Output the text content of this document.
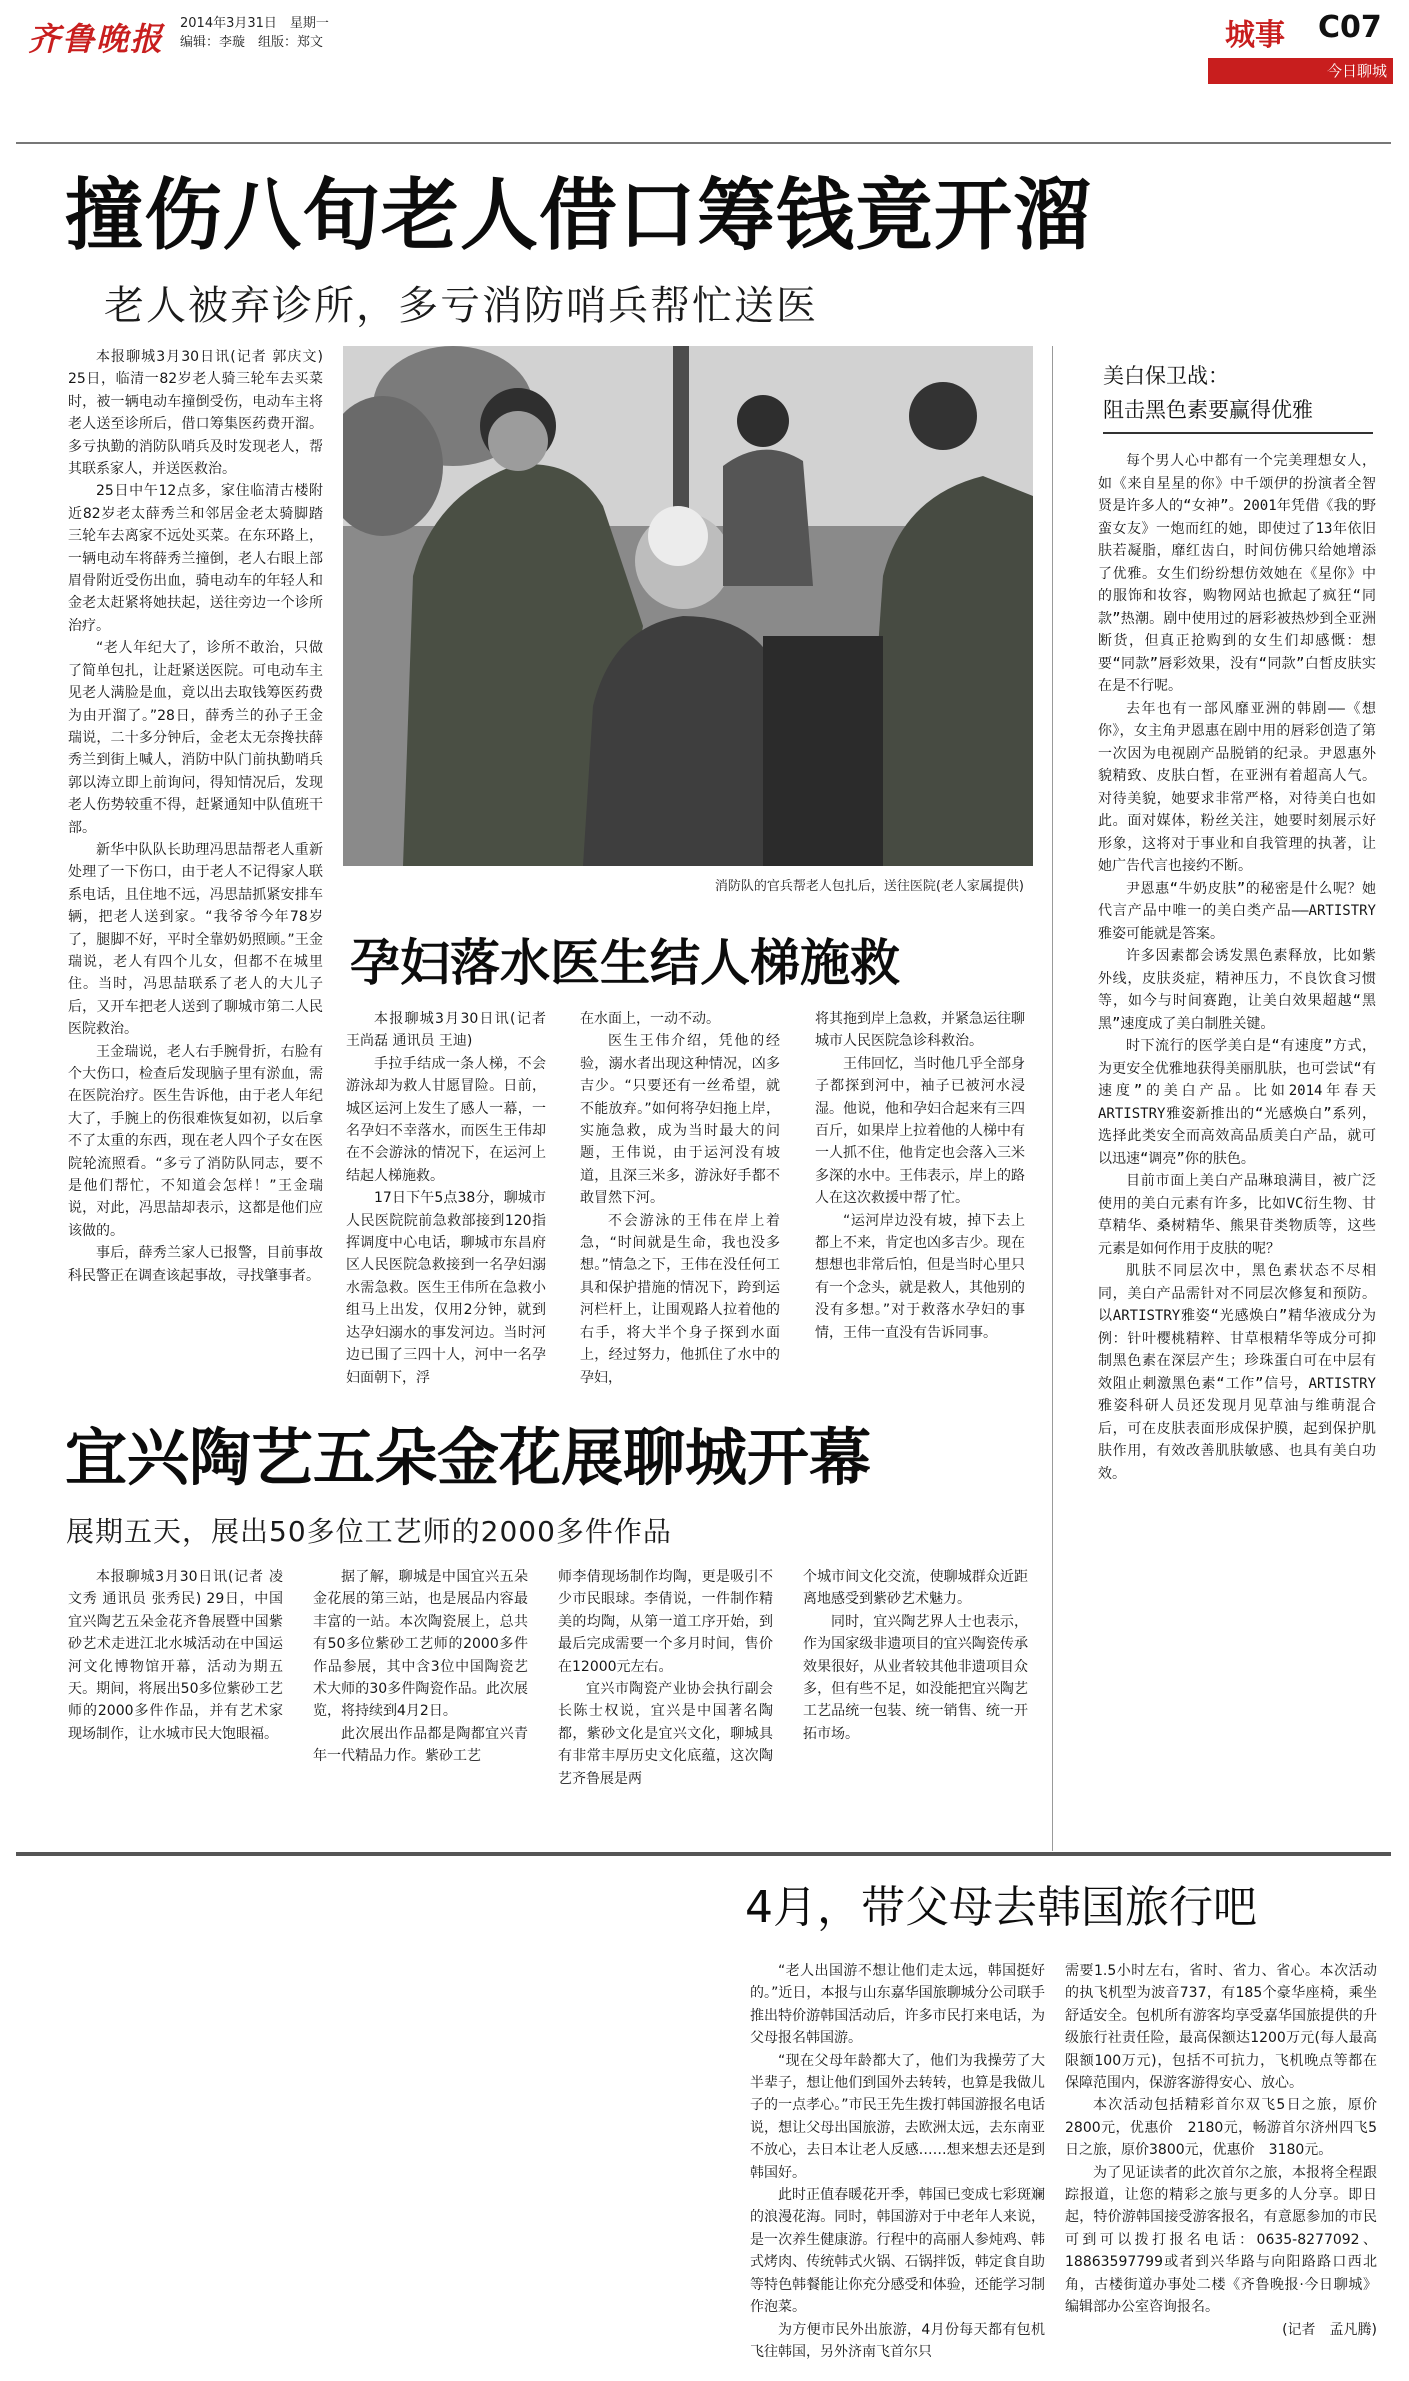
齐鲁晚报 2014年3月31日　星期一
编辑：李璇　组版：郑文	城事 C07
今日聊城
撞伤八旬老人借口筹钱竟开溜
老人被弃诊所，多亏消防哨兵帮忙送医

本报聊城3月30日讯(记者 郭庆文) 25日，临清一82岁老人骑三轮车去买菜时，被一辆电动车撞倒受伤，电动车主将老人送至诊所后，借口筹集医药费开溜。多亏执勤的消防队哨兵及时发现老人，帮其联系家人，并送医救治。

25日中午12点多，家住临清古楼附近82岁老太薛秀兰和邻居金老太骑脚踏三轮车去离家不远处买菜。在东环路上，一辆电动车将薛秀兰撞倒，老人右眼上部眉骨附近受伤出血，骑电动车的年轻人和金老太赶紧将她扶起，送往旁边一个诊所治疗。

“老人年纪大了，诊所不敢治，只做了简单包扎，让赶紧送医院。可电动车主见老人满脸是血，竟以出去取钱筹医药费为由开溜了。”28日，薛秀兰的孙子王金瑞说，二十多分钟后，金老太无奈搀扶薛秀兰到街上喊人，消防中队门前执勤哨兵郭以涛立即上前询问，得知情况后，发现老人伤势较重不得，赶紧通知中队值班干部。

新华中队队长助理冯思喆帮老人重新处理了一下伤口，由于老人不记得家人联系电话，且住地不远，冯思喆抓紧安排车辆，把老人送到家。“我爷爷今年78岁了，腿脚不好，平时全靠奶奶照顾。”王金瑞说，老人有四个儿女，但都不在城里住。当时，冯思喆联系了老人的大儿子后，又开车把老人送到了聊城市第二人民医院救治。

王金瑞说，老人右手腕骨折，右脸有个大伤口，检查后发现脑子里有淤血，需在医院治疗。医生告诉他，由于老人年纪大了，手腕上的伤很难恢复如初，以后拿不了太重的东西，现在老人四个子女在医院轮流照看。“多亏了消防队同志，要不是他们帮忙，不知道会怎样！”王金瑞说，对此，冯思喆却表示，这都是他们应该做的。

事后，薛秀兰家人已报警，目前事故科民警正在调查该起事故，寻找肇事者。

消防队的官兵帮老人包扎后，送往医院(老人家属提供)
美白保卫战：
阻击黑色素要赢得优雅

每个男人心中都有一个完美理想女人，如《来自星星的你》中千颂伊的扮演者全智贤是许多人的“女神”。2001年凭借《我的野蛮女友》一炮而红的她，即使过了13年依旧肤若凝脂，靡红齿白，时间仿佛只给她增添了优雅。女生们纷纷想仿效她在《星你》中的服饰和妆容，购物网站也掀起了疯狂“同款”热潮。剧中使用过的唇彩被热炒到全亚洲断货，但真正抢购到的女生们却感慨：想要“同款”唇彩效果，没有“同款”白皙皮肤实在是不行呢。

去年也有一部风靡亚洲的韩剧——《想你》，女主角尹恩惠在剧中用的唇彩创造了第一次因为电视剧产品脱销的纪录。尹恩惠外貌精致、皮肤白皙，在亚洲有着超高人气。对待美貌，她要求非常严格，对待美白也如此。面对媒体，粉丝关注，她要时刻展示好形象，这将对于事业和自我管理的执著，让她广告代言也接约不断。

尹恩惠“牛奶皮肤”的秘密是什么呢？她代言产品中唯一的美白类产品——ARTISTRY雅姿可能就是答案。

许多因素都会诱发黑色素释放，比如紫外线，皮肤炎症，精神压力，不良饮食习惯等，如今与时间赛跑，让美白效果超越“黑黑”速度成了美白制胜关键。

时下流行的医学美白是“有速度”方式，为更安全优雅地获得美丽肌肤，也可尝试“有速度”的美白产品。比如2014年春天ARTISTRY雅姿新推出的“光感焕白”系列，选择此类安全而高效高品质美白产品，就可以迅速“调亮”你的肤色。

目前市面上美白产品琳琅满目，被广泛使用的美白元素有许多，比如VC衍生物、甘草精华、桑树精华、熊果苷类物质等，这些元素是如何作用于皮肤的呢？

肌肤不同层次中，黑色素状态不尽相同，美白产品需针对不同层次修复和预防。以ARTISTRY雅姿“光感焕白”精华液成分为例：针叶樱桃精粹、甘草根精华等成分可抑制黑色素在深层产生；珍珠蛋白可在中层有效阻止刺激黑色素“工作”信号，ARTISTRY雅姿科研人员还发现月见草油与维萌混合后，可在皮肤表面形成保护膜，起到保护肌肤作用，有效改善肌肤敏感、也具有美白功效。

孕妇落水医生结人梯施救

本报聊城3月30日讯(记者 王尚磊 通讯员 王迪)

手拉手结成一条人梯，不会游泳却为救人甘愿冒险。日前，城区运河上发生了感人一幕，一名孕妇不幸落水，而医生王伟却在不会游泳的情况下，在运河上结起人梯施救。

17日下午5点38分，聊城市人民医院院前急救部接到120指挥调度中心电话，聊城市东昌府区人民医院急救接到一名孕妇溺水需急救。医生王伟所在急救小组马上出发，仅用2分钟，就到达孕妇溺水的事发河边。当时河边已围了三四十人，河中一名孕妇面朝下，浮

在水面上，一动不动。

医生王伟介绍，凭他的经验，溺水者出现这种情况，凶多吉少。“只要还有一丝希望，就不能放弃。”如何将孕妇拖上岸，实施急救，成为当时最大的问题，王伟说，由于运河没有坡道，且深三米多，游泳好手都不敢冒然下河。

不会游泳的王伟在岸上着急，“时间就是生命，我也没多想。”情急之下，王伟在没任何工具和保护措施的情况下，跨到运河栏杆上，让围观路人拉着他的右手，将大半个身子探到水面上，经过努力，他抓住了水中的孕妇，

将其拖到岸上急救，并紧急运往聊城市人民医院急诊科救治。

王伟回忆，当时他几乎全部身子都探到河中，袖子已被河水浸湿。他说，他和孕妇合起来有三四百斤，如果岸上拉着他的人梯中有一人抓不住，他肯定也会落入三米多深的水中。王伟表示，岸上的路人在这次救援中帮了忙。

“运河岸边没有坡，掉下去上都上不来，肯定也凶多吉少。现在想想也非常后怕，但是当时心里只有一个念头，就是救人，其他别的没有多想。”对于救落水孕妇的事情，王伟一直没有告诉同事。

宜兴陶艺五朵金花展聊城开幕
展期五天，展出50多位工艺师的2000多件作品

本报聊城3月30日讯(记者 凌文秀 通讯员 张秀民) 29日，中国宜兴陶艺五朵金花齐鲁展暨中国紫砂艺术走进江北水城活动在中国运河文化博物馆开幕，活动为期五天。期间，将展出50多位紫砂工艺师的2000多件作品，并有艺术家现场制作，让水城市民大饱眼福。

据了解，聊城是中国宜兴五朵金花展的第三站，也是展品内容最丰富的一站。本次陶瓷展上，总共有50多位紫砂工艺师的2000多件作品参展，其中含3位中国陶瓷艺术大师的30多件陶瓷作品。此次展览，将持续到4月2日。

此次展出作品都是陶都宜兴青年一代精品力作。紫砂工艺

师李倩现场制作均陶，更是吸引不少市民眼球。李倩说，一件制作精美的均陶，从第一道工序开始，到最后完成需要一个多月时间，售价在12000元左右。

宜兴市陶瓷产业协会执行副会长陈士权说，宜兴是中国著名陶都，紫砂文化是宜兴文化，聊城具有非常丰厚历史文化底蕴，这次陶艺齐鲁展是两

个城市间文化交流，使聊城群众近距离地感受到紫砂艺术魅力。

同时，宜兴陶艺界人士也表示，作为国家级非遗项目的宜兴陶瓷传承效果很好，从业者较其他非遗项目众多，但有些不足，如没能把宜兴陶艺工艺品统一包装、统一销售、统一开拓市场。

4月，带父母去韩国旅行吧

“老人出国游不想让他们走太远，韩国挺好的。”近日，本报与山东嘉华国旅聊城分公司联手推出特价游韩国活动后，许多市民打来电话，为父母报名韩国游。

“现在父母年龄都大了，他们为我操劳了大半辈子，想让他们到国外去转转，也算是我做儿子的一点孝心。”市民王先生拨打韩国游报名电话说，想让父母出国旅游，去欧洲太远，去东南亚不放心，去日本让老人反感……想来想去还是到韩国好。

此时正值春暖花开季，韩国已变成七彩斑斓的浪漫花海。同时，韩国游对于中老年人来说，是一次养生健康游。行程中的高丽人参炖鸡、韩式烤肉、传统韩式火锅、石锅拌饭，韩定食自助等特色韩餐能让你充分感受和体验，还能学习制作泡菜。

为方便市民外出旅游，4月份每天都有包机飞往韩国，另外济南飞首尔只

需要1.5小时左右，省时、省力、省心。本次活动的执飞机型为波音737，有185个豪华座椅，乘坐舒适安全。包机所有游客均享受嘉华国旅提供的升级旅行社责任险，最高保额达1200万元(每人最高限额100万元)，包括不可抗力，飞机晚点等都在保障范围内，保游客游得安心、放心。

本次活动包括精彩首尔双飞5日之旅，原价2800元，优惠价　2180元，畅游首尔济州四飞5日之旅，原价3800元，优惠价　3180元。

为了见证读者的此次首尔之旅，本报将全程跟踪报道，让您的精彩之旅与更多的人分享。即日起，特价游韩国接受游客报名，有意愿参加的市民可到可以拨打报名电话：0635-8277092、18863597799或者到兴华路与向阳路路口西北角，古楼街道办事处二楼《齐鲁晚报·今日聊城》编辑部办公室咨询报名。

(记者　孟凡腾)
